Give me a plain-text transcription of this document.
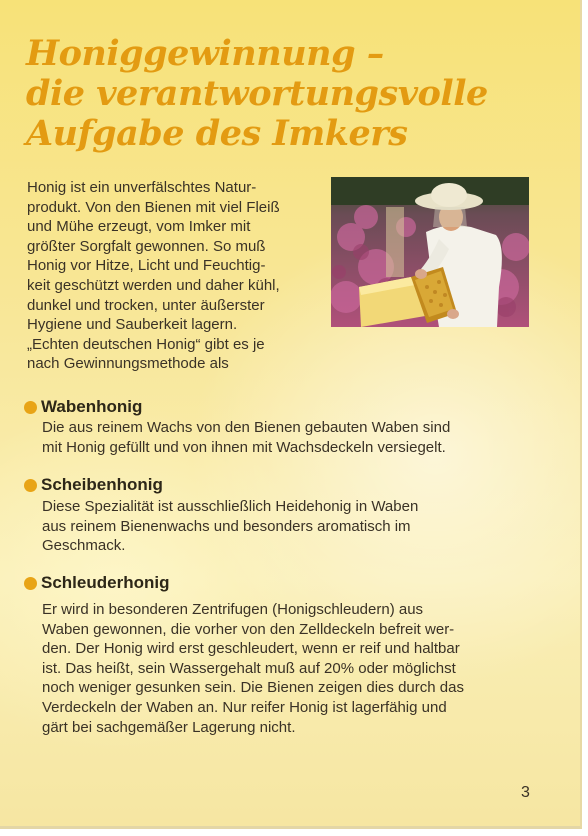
Honiggewinnung –
die verantwortungsvolle
Aufgabe des Imkers
Honig ist ein unverfälschtes Natur-
produkt. Von den Bienen mit viel Fleiß
und Mühe erzeugt, vom Imker mit
größter Sorgfalt gewonnen. So muß
Honig vor Hitze, Licht und Feuchtig-
keit geschützt werden und daher kühl,
dunkel und trocken, unter äußerster
Hygiene und Sauberkeit lagern.
„Echten deutschen Honig“ gibt es je
nach Gewinnungsmethode als
Wabenhonig
Die aus reinem Wachs von den Bienen gebauten Waben sind
mit Honig gefüllt und von ihnen mit Wachsdeckeln versiegelt.
Scheibenhonig
Diese Spezialität ist ausschließlich Heidehonig in Waben
aus reinem Bienenwachs und besonders aromatisch im
Geschmack.
Schleuderhonig
Er wird in besonderen Zentrifugen (Honigschleudern) aus
Waben gewonnen, die vorher von den Zelldeckeln befreit wer-
den. Der Honig wird erst geschleudert, wenn er reif und haltbar
ist. Das heißt, sein Wassergehalt muß auf 20% oder möglichst
noch weniger gesunken sein. Die Bienen zeigen dies durch das
Verdeckeln der Waben an. Nur reifer Honig ist lagerfähig und
gärt bei sachgemäßer Lagerung nicht.
3
